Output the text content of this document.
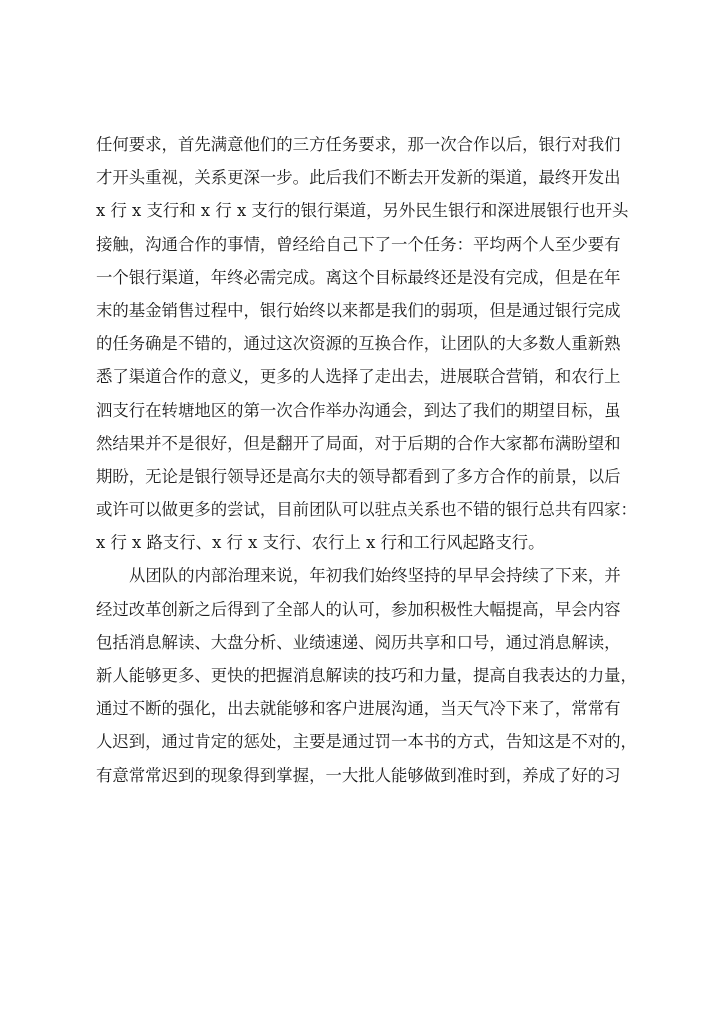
任何要求，首先满意他们的三方任务要求，那一次合作以后，银行对我们
才开头重视，关系更深一步。此后我们不断去开发新的渠道，最终开发出
x 行 x 支行和 x 行 x 支行的银行渠道，另外民生银行和深进展银行也开头
接触，沟通合作的事情，曾经给自己下了一个任务：平均两个人至少要有
一个银行渠道，年终必需完成。离这个目标最终还是没有完成，但是在年
末的基金销售过程中，银行始终以来都是我们的弱项，但是通过银行完成
的任务确是不错的，通过这次资源的互换合作，让团队的大多数人重新熟
悉了渠道合作的意义，更多的人选择了走出去，进展联合营销，和农行上
泗支行在转塘地区的第一次合作举办沟通会，到达了我们的期望目标，虽
然结果并不是很好，但是翻开了局面，对于后期的合作大家都布满盼望和
期盼，无论是银行领导还是高尔夫的领导都看到了多方合作的前景，以后
或许可以做更多的尝试，目前团队可以驻点关系也不错的银行总共有四家：
x 行 x 路支行、x 行 x 支行、农行上 x 行和工行风起路支行。
从团队的内部治理来说，年初我们始终坚持的早早会持续了下来，并
经过改革创新之后得到了全部人的认可，参加积极性大幅提高，早会内容
包括消息解读、大盘分析、业绩速递、阅历共享和口号，通过消息解读，
新人能够更多、更快的把握消息解读的技巧和力量，提高自我表达的力量，
通过不断的强化，出去就能够和客户进展沟通，当天气冷下来了，常常有
人迟到，通过肯定的惩处，主要是通过罚一本书的方式，告知这是不对的，
有意常常迟到的现象得到掌握，一大批人能够做到准时到，养成了好的习
